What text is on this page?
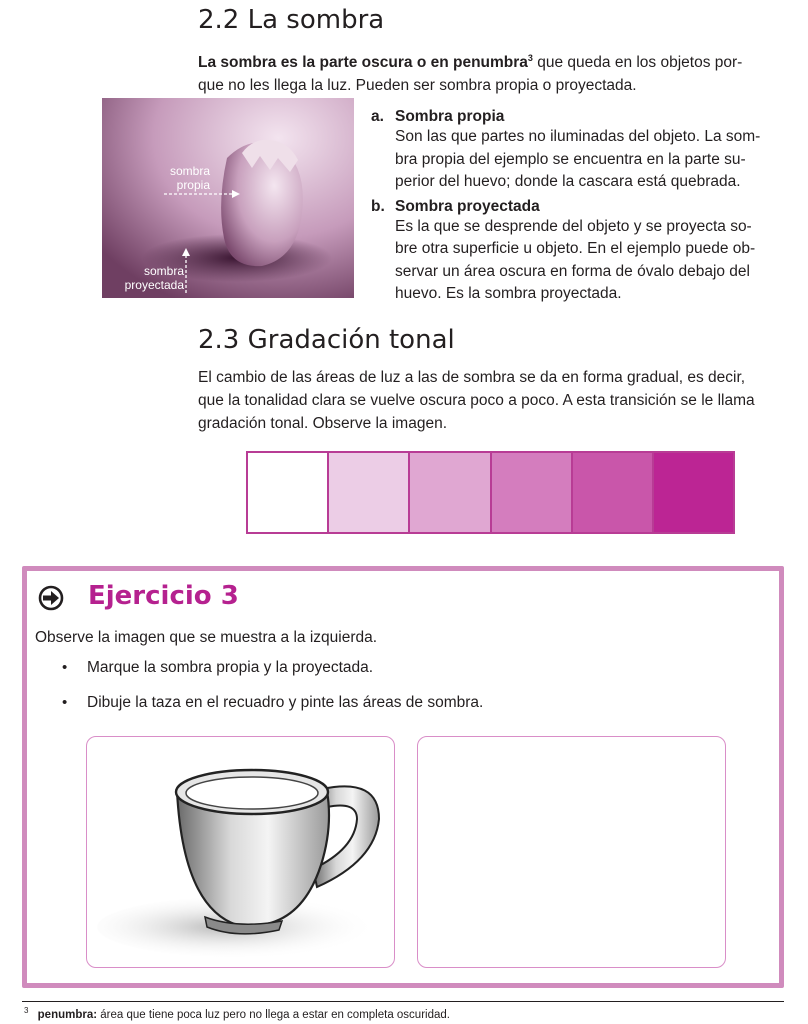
2.2 La sombra
La sombra es la parte oscura o en penumbra$^3$ que queda en los objetos por-
que no les llega la luz. Pueden ser sombra propia o proyectada.
sombra
propia
sombra
proyectada
a. Sombra propia
Son las que partes no iluminadas del objeto. La som-
bra propia del ejemplo se encuentra en la parte su-
perior del huevo; donde la cascara está quebrada.
b. Sombra proyectada
Es la que se desprende del objeto y se proyecta so-
bre otra superficie u objeto. En el ejemplo puede ob-
servar un área oscura en forma de óvalo debajo del
huevo. Es la sombra proyectada.
2.3 Gradación tonal
El cambio de las áreas de luz a las de sombra se da en forma gradual, es decir,
que la tonalidad clara se vuelve oscura poco a poco. A esta transición se le llama
gradación tonal. Observe la imagen.
Ejercicio 3
Observe la imagen que se muestra a la izquierda.
• Marque la sombra propia y la proyectada.
• Dibuje la taza en el recuadro y pinte las áreas de sombra.
$^3$ penumbra: área que tiene poca luz pero no llega a estar en completa oscuridad.
